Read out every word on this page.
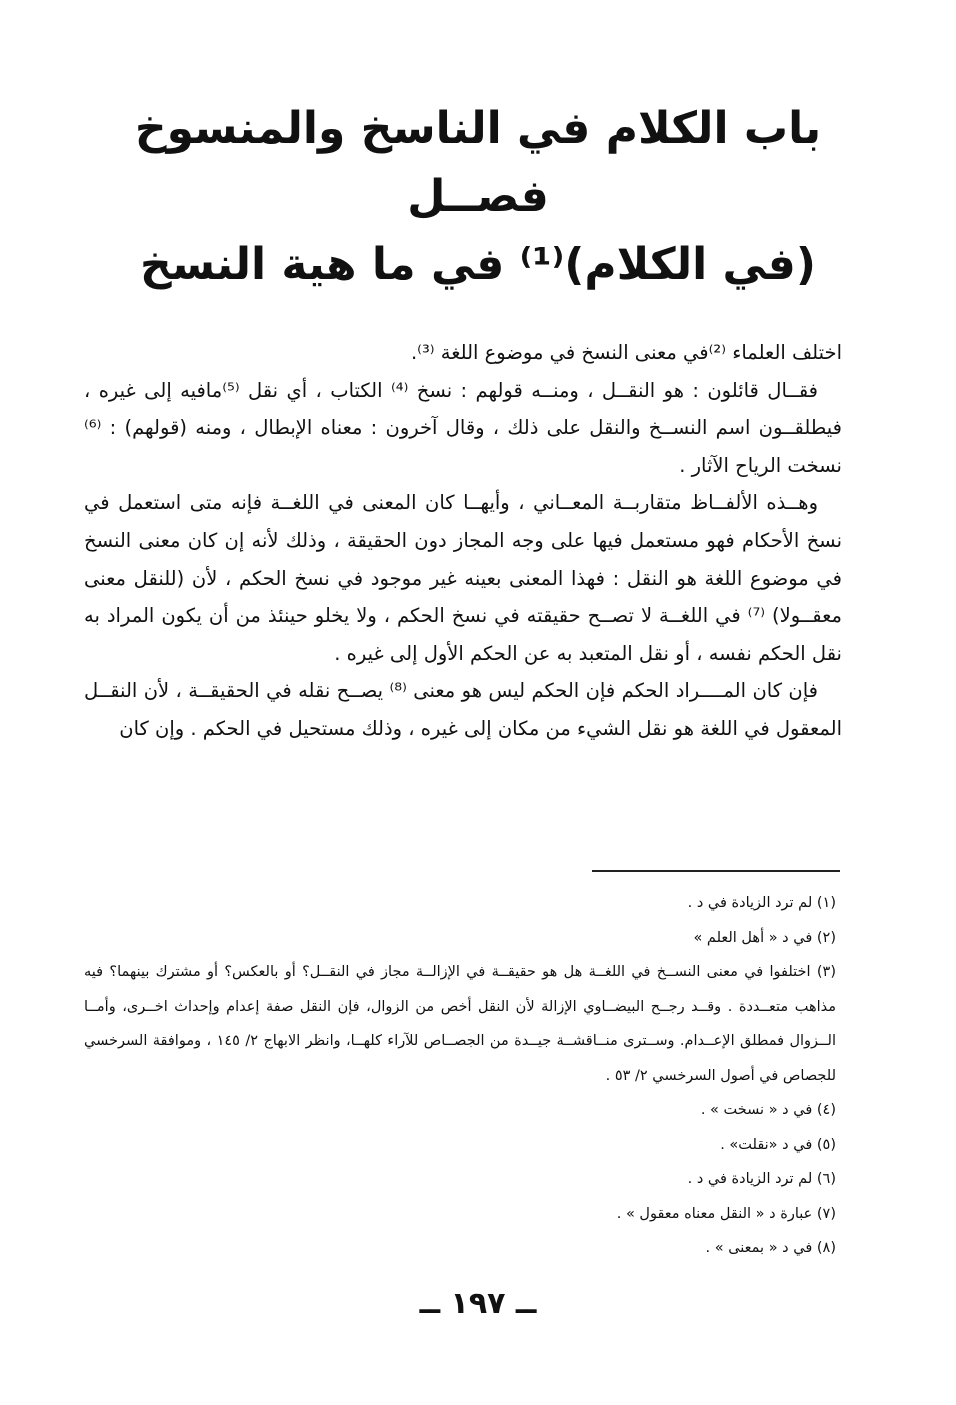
باب الكلام في الناسخ والمنسوخ
فصــل
(في الكلام)⁽¹⁾ في ما هية النسخ

اختلف العلماء ⁽²⁾في معنى النسخ في موضوع اللغة ⁽³⁾.

فقــال قائلون : هو النقــل ، ومنــه قولهم : نسخ ⁽⁴⁾ الكتاب ، أي نقل ⁽⁵⁾مافيه إلى غيره ، فيطلقــون اسم النســخ والنقل على ذلك ، وقال آخرون : معناه الإبطال ، ومنه (قولهم) : ⁽⁶⁾ نسخت الرياح الآثار .

وهــذه الألفــاظ متقاربــة المعــاني ، وأيهــا كان المعنى في اللغــة فإنه متى استعمل في نسخ الأحكام فهو مستعمل فيها على وجه المجاز دون الحقيقة ، وذلك لأنه إن كان معنى النسخ في موضوع اللغة هو النقل : فهذا المعنى بعينه غير موجود في نسخ الحكم ، لأن (للنقل معنى معقــولا) ⁽⁷⁾ في اللغــة لا تصــح حقيقته في نسخ الحكم ، ولا يخلو حينئذ من أن يكون المراد به نقل الحكم نفسه ، أو نقل المتعبد به عن الحكم الأول إلى غيره .

فإن كان المــــراد الحكم فإن الحكم ليس هو معنى ⁽⁸⁾ يصــح نقله في الحقيقــة ، لأن النقــل المعقول في اللغة هو نقل الشيء من مكان إلى غيره ، وذلك مستحيل في الحكم . وإن كان

(١) لم ترد الزيادة في د .

(٢) في د « أهل العلم »

(٣) اختلفوا في معنى النســخ في اللغــة هل هو حقيقــة في الإزالــة مجاز في النقــل؟ أو بالعكس؟ أو مشترك بينهما؟ فيه مذاهب متعــددة . وقــد رجــح البيضــاوي الإزالة لأن النقل أخص من الزوال، فإن النقل صفة إعدام وإحداث اخــرى، وأمــا الــزوال فمطلق الإعــدام. وســترى منــاقشــة جيــدة من الجصــاص للآراء كلهــا، وانظر الابهاج ٢/ ١٤٥ ، وموافقة السرخسي للجصاص في أصول السرخسي ٢/ ٥٣ .

(٤) في د « نسخت » .

(٥) في د «نقلت» .

(٦) لم ترد الزيادة في د .

(٧) عبارة د « النقل معناه معقول » .

(٨) في د « بمعنى » .

ــ ١٩٧ ــ
